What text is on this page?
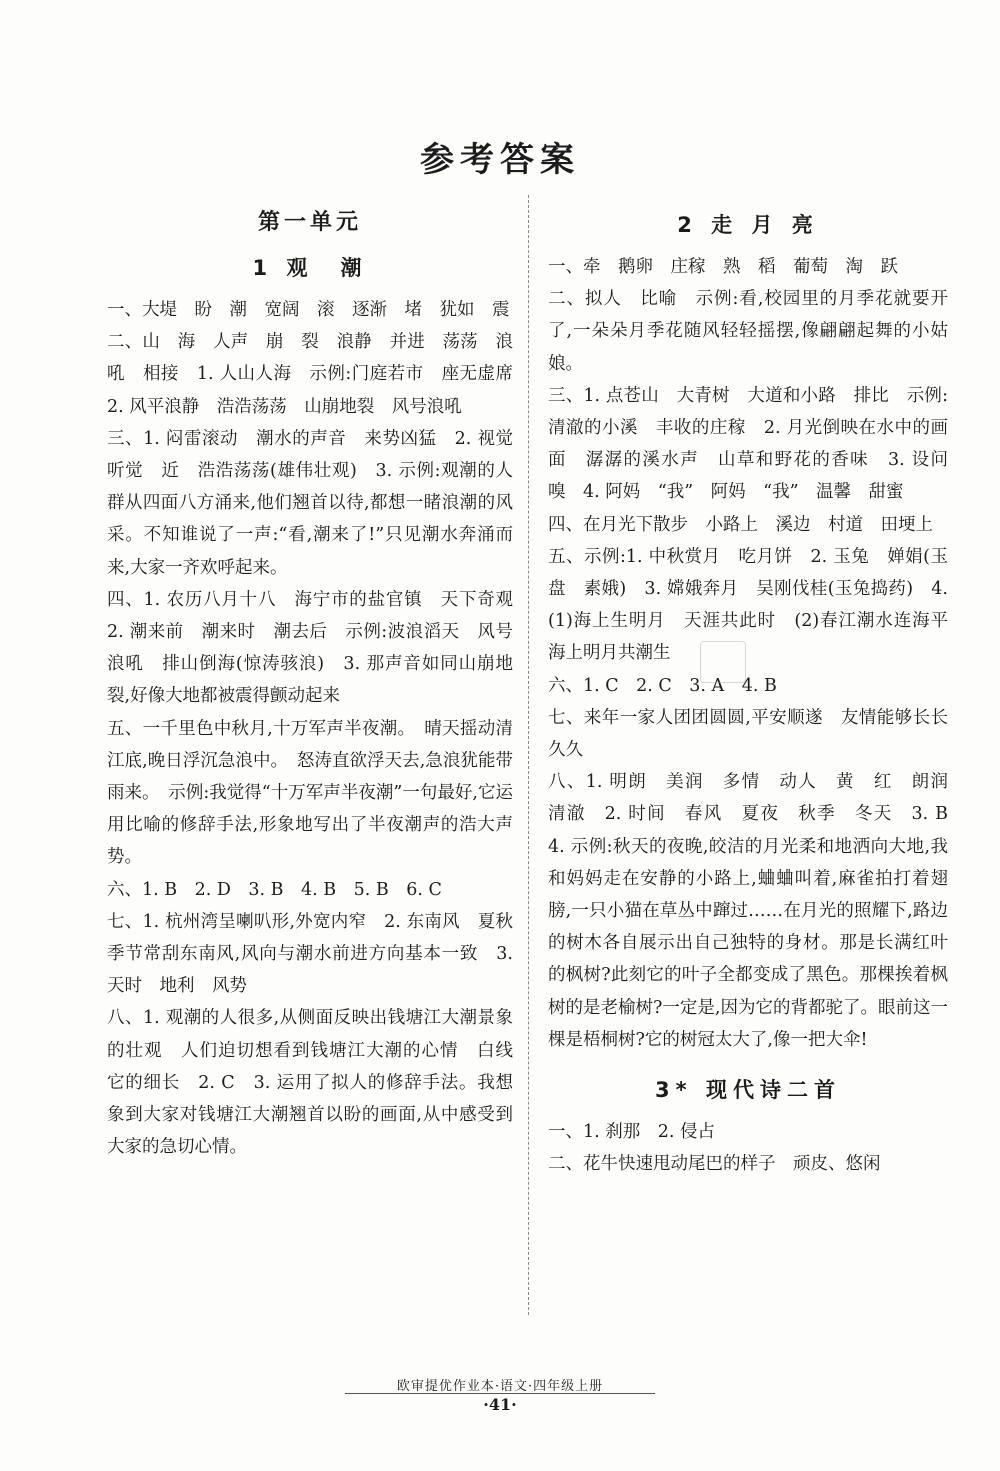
参考答案
第一单元
1 观　潮

一、大堤　盼　潮　宽阔　滚　逐渐　堵　犹如　震

二、山　海　人声　崩　裂　浪静　并进　荡荡　浪吼　相接　1. 人山人海　示例:门庭若市　座无虚席　2. 风平浪静　浩浩荡荡　山崩地裂　风号浪吼

三、1. 闷雷滚动　潮水的声音　来势凶猛　2. 视觉　听觉　近　浩浩荡荡(雄伟壮观)　3. 示例:观潮的人群从四面八方涌来,他们翘首以待,都想一睹浪潮的风采。不知谁说了一声:“看,潮来了!”只见潮水奔涌而来,大家一齐欢呼起来。

四、1. 农历八月十八　海宁市的盐官镇　天下奇观　2. 潮来前　潮来时　潮去后　示例:波浪滔天　风号浪吼　排山倒海(惊涛骇浪)　3. 那声音如同山崩地裂,好像大地都被震得颤动起来

五、一千里色中秋月,十万军声半夜潮。　晴天摇动清江底,晚日浮沉急浪中。　怒涛直欲浮天去,急浪犹能带雨来。　示例:我觉得“十万军声半夜潮”一句最好,它运用比喻的修辞手法,形象地写出了半夜潮声的浩大声势。

六、1. B　2. D　3. B　4. B　5. B　6. C

七、1. 杭州湾呈喇叭形,外宽内窄　2. 东南风　夏秋季节常刮东南风,风向与潮水前进方向基本一致　3. 天时　地利　风势

八、1. 观潮的人很多,从侧面反映出钱塘江大潮景象的壮观　人们迫切想看到钱塘江大潮的心情　白线　它的细长　2. C　3. 运用了拟人的修辞手法。我想象到大家对钱塘江大潮翘首以盼的画面,从中感受到大家的急切心情。

2 走 月 亮

一、牵　鹅卵　庄稼　熟　稻　葡萄　淘　跃

二、拟人　比喻　示例:看,校园里的月季花就要开了,一朵朵月季花随风轻轻摇摆,像翩翩起舞的小姑娘。

三、1. 点苍山　大青树　大道和小路　排比　示例:清澈的小溪　丰收的庄稼　2. 月光倒映在水中的画面　潺潺的溪水声　山草和野花的香味　3. 设问　嗅　4. 阿妈　“我”　阿妈　“我”　温馨　甜蜜

四、在月光下散步　小路上　溪边　村道　田埂上

五、示例:1. 中秋赏月　吃月饼　2. 玉兔　婵娟(玉盘　素娥)　3. 嫦娥奔月　吴刚伐桂(玉兔捣药)　4. (1)海上生明月　天涯共此时　(2)春江潮水连海平　海上明月共潮生

六、1. C　2. C　3. A　4. B

七、来年一家人团团圆圆,平安顺遂　友情能够长长久久

八、1. 明朗　美润　多情　动人　黄　红　朗润　清澈　2. 时间　春风　夏夜　秋季　冬天　3. B　4. 示例:秋天的夜晚,皎洁的月光柔和地洒向大地,我和妈妈走在安静的小路上,蛐蛐叫着,麻雀拍打着翅膀,一只小猫在草丛中蹿过……在月光的照耀下,路边的树木各自展示出自己独特的身材。那是长满红叶的枫树?此刻它的叶子全都变成了黑色。那棵挨着枫树的是老榆树?一定是,因为它的背都驼了。眼前这一棵是梧桐树?它的树冠太大了,像一把大伞!

3* 现代诗二首

一、1. 刹那　2. 侵占

二、花牛快速甩动尾巴的样子　顽皮、悠闲

欧审提优作业本·语文·四年级上册
·41·
